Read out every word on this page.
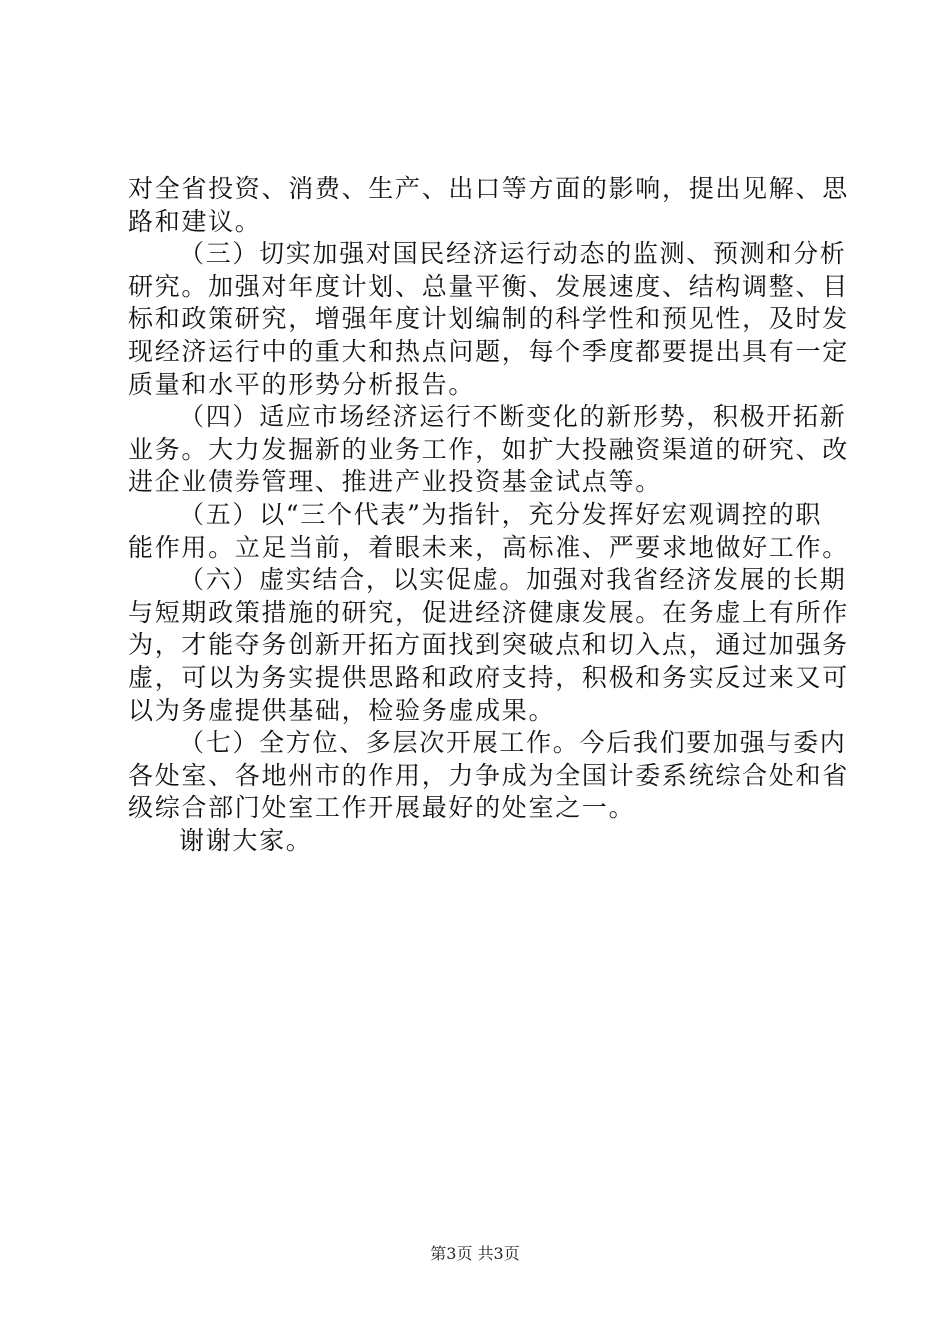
对全省投资、消费、生产、出口等方面的影响，提出见解、思
路和建议。
（三）切实加强对国民经济运行动态的监测、预测和分析
研究。加强对年度计划、总量平衡、发展速度、结构调整、目
标和政策研究，增强年度计划编制的科学性和预见性，及时发
现经济运行中的重大和热点问题，每个季度都要提出具有一定
质量和水平的形势分析报告。
（四）适应市场经济运行不断变化的新形势，积极开拓新
业务。大力发掘新的业务工作，如扩大投融资渠道的研究、改
进企业债券管理、推进产业投资基金试点等。
（五）以“三个代表”为指针，充分发挥好宏观调控的职
能作用。立足当前，着眼未来，高标准、严要求地做好工作。
（六）虚实结合，以实促虚。加强对我省经济发展的长期
与短期政策措施的研究，促进经济健康发展。在务虚上有所作
为，才能夺务创新开拓方面找到突破点和切入点，通过加强务
虚，可以为务实提供思路和政府支持，积极和务实反过来又可
以为务虚提供基础，检验务虚成果。
（七）全方位、多层次开展工作。今后我们要加强与委内
各处室、各地州市的作用，力争成为全国计委系统综合处和省
级综合部门处室工作开展最好的处室之一。
谢谢大家。
第3页 共3页
